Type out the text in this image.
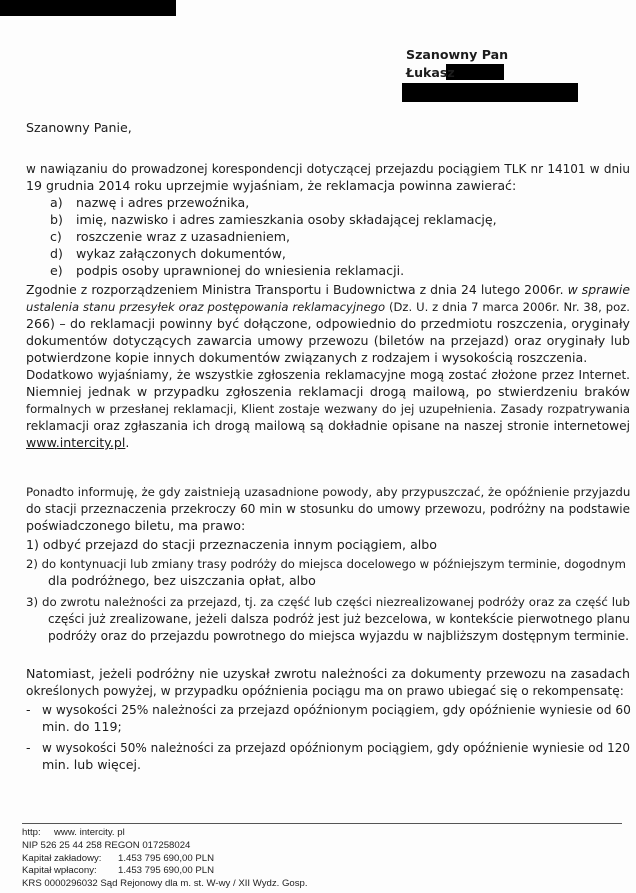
Szanowny Pan
Łukasz
Szanowny Panie,
w nawiązaniu do prowadzonej korespondencji dotyczącej przejazdu pociągiem TLK nr 14101 w dniu
19 grudnia 2014 roku uprzejmie wyjaśniam, że reklamacja powinna zawierać:
a) nazwę i adres przewoźnika,
b) imię, nazwisko i adres zamieszkania osoby składającej reklamację,
c) roszczenie wraz z uzasadnieniem,
d) wykaz załączonych dokumentów,
e) podpis osoby uprawnionej do wniesienia reklamacji.
Zgodnie z rozporządzeniem Ministra Transportu i Budownictwa z dnia 24 lutego 2006r. w sprawie
ustalenia stanu przesyłek oraz postępowania reklamacyjnego (Dz. U. z dnia 7 marca 2006r. Nr. 38, poz.
266) – do reklamacji powinny być dołączone, odpowiednio do przedmiotu roszczenia, oryginały
dokumentów dotyczących zawarcia umowy przewozu (biletów na przejazd) oraz oryginały lub
potwierdzone kopie innych dokumentów związanych z rodzajem i wysokością roszczenia.
Dodatkowo wyjaśniamy, że wszystkie zgłoszenia reklamacyjne mogą zostać złożone przez Internet.
Niemniej jednak w przypadku zgłoszenia reklamacji drogą mailową, po stwierdzeniu braków
formalnych w przesłanej reklamacji, Klient zostaje wezwany do jej uzupełnienia. Zasady rozpatrywania
reklamacji oraz zgłaszania ich drogą mailową są dokładnie opisane na naszej stronie internetowej
www.intercity.pl.
Ponadto informuję, że gdy zaistnieją uzasadnione powody, aby przypuszczać, że opóźnienie przyjazdu
do stacji przeznaczenia przekroczy 60 min w stosunku do umowy przewozu, podróżny na podstawie
poświadczonego biletu, ma prawo:
1) odbyć przejazd do stacji przeznaczenia innym pociągiem, albo
2) do kontynuacji lub zmiany trasy podróży do miejsca docelowego w późniejszym terminie, dogodnym
dla podróżnego, bez uiszczania opłat, albo
3) do zwrotu należności za przejazd, tj. za część lub części niezrealizowanej podróży oraz za część lub
części już zrealizowane, jeżeli dalsza podróż jest już bezcelowa, w kontekście pierwotnego planu
podróży oraz do przejazdu powrotnego do miejsca wyjazdu w najbliższym dostępnym terminie.
Natomiast, jeżeli podróżny nie uzyskał zwrotu należności za dokumenty przewozu na zasadach
określonych powyżej, w przypadku opóźnienia pociągu ma on prawo ubiegać się o rekompensatę:
- w wysokości 25% należności za przejazd opóźnionym pociągiem, gdy opóźnienie wyniesie od 60
min. do 119;
- w wysokości 50% należności za przejazd opóźnionym pociągiem, gdy opóźnienie wyniesie od 120
min. lub więcej.
http: www. intercity. pl
NIP 526 25 44 258 REGON 017258024
Kapitał zakładowy: 1.453 795 690,00 PLN
Kapitał wpłacony: 1.453 795 690,00 PLN
KRS 0000296032 Sąd Rejonowy dla m. st. W-wy / XII Wydz. Gosp.
